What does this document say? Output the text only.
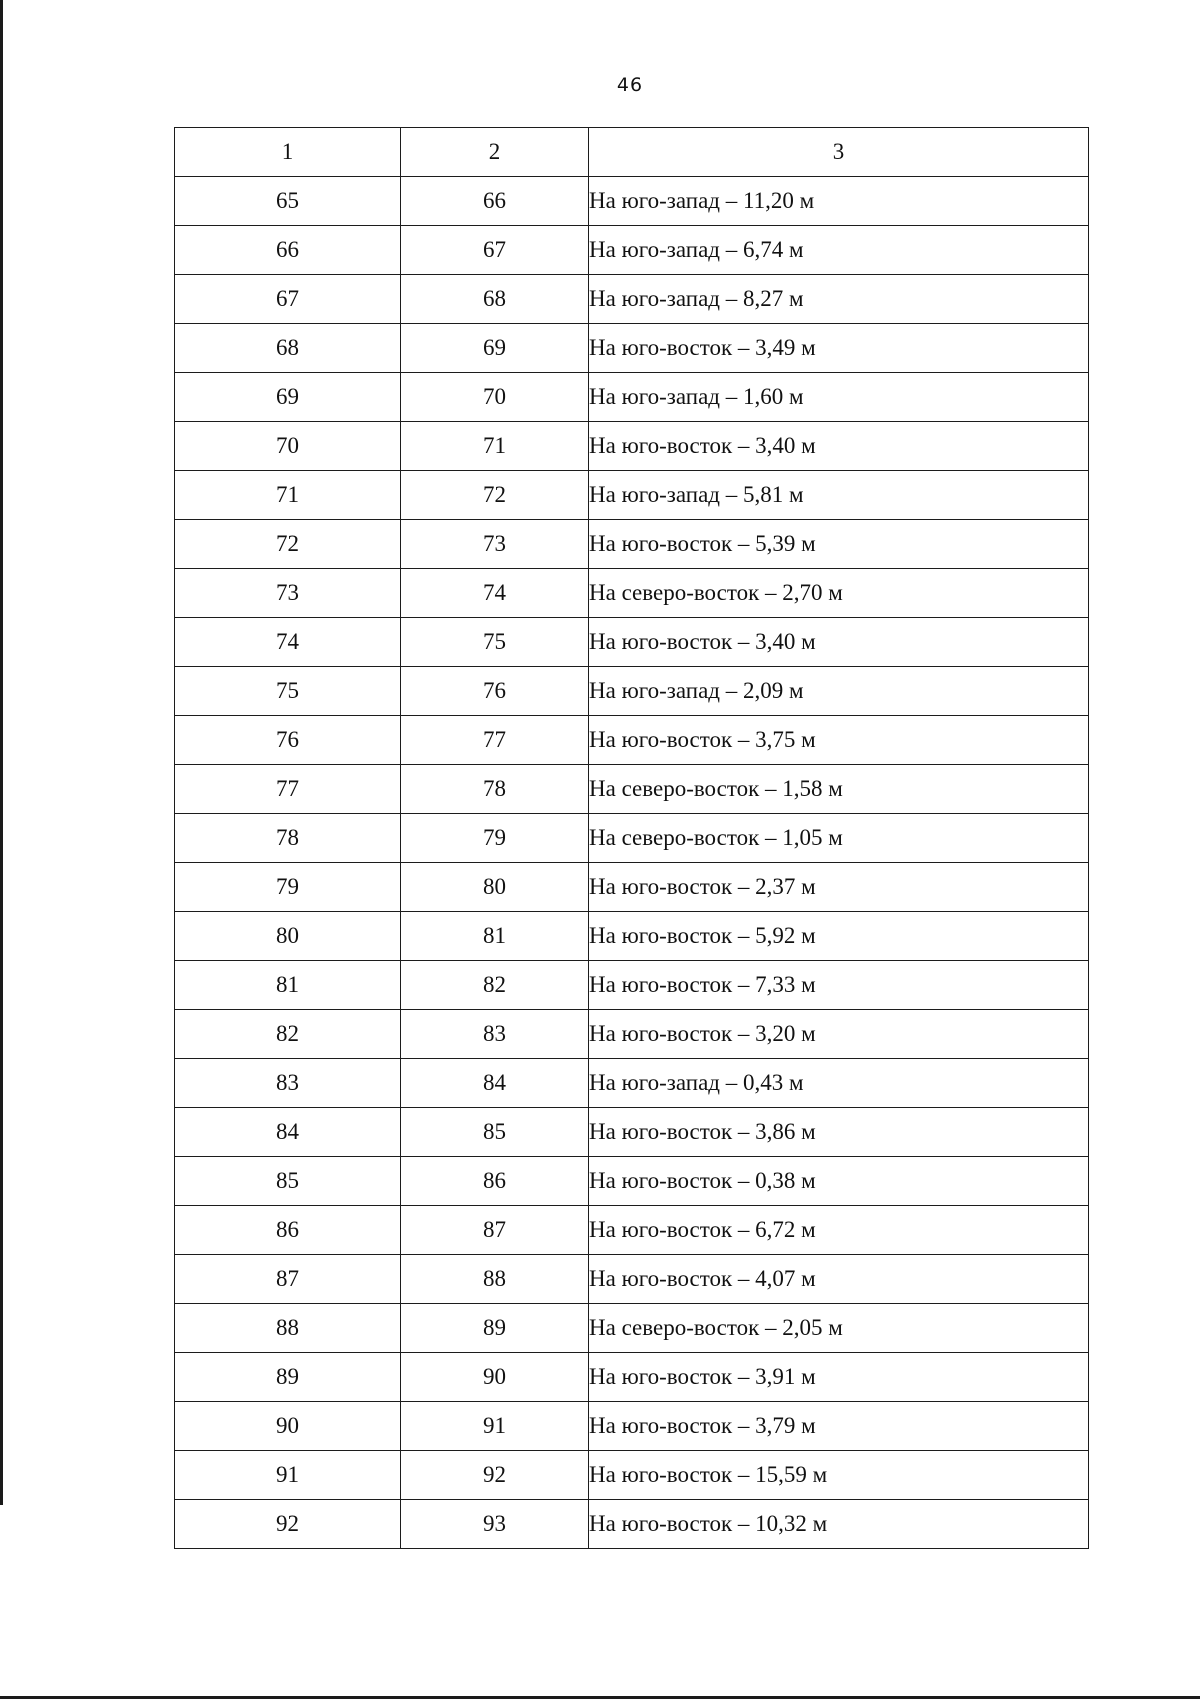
46
1	2	3
65	66	На юго-запад – 11,20 м
66	67	На юго-запад – 6,74 м
67	68	На юго-запад – 8,27 м
68	69	На юго-восток – 3,49 м
69	70	На юго-запад – 1,60 м
70	71	На юго-восток – 3,40 м
71	72	На юго-запад – 5,81 м
72	73	На юго-восток – 5,39 м
73	74	На северо-восток – 2,70 м
74	75	На юго-восток – 3,40 м
75	76	На юго-запад – 2,09 м
76	77	На юго-восток – 3,75 м
77	78	На северо-восток – 1,58 м
78	79	На северо-восток – 1,05 м
79	80	На юго-восток – 2,37 м
80	81	На юго-восток – 5,92 м
81	82	На юго-восток – 7,33 м
82	83	На юго-восток – 3,20 м
83	84	На юго-запад – 0,43 м
84	85	На юго-восток – 3,86 м
85	86	На юго-восток – 0,38 м
86	87	На юго-восток – 6,72 м
87	88	На юго-восток – 4,07 м
88	89	На северо-восток – 2,05 м
89	90	На юго-восток – 3,91 м
90	91	На юго-восток – 3,79 м
91	92	На юго-восток – 15,59 м
92	93	На юго-восток – 10,32 м
